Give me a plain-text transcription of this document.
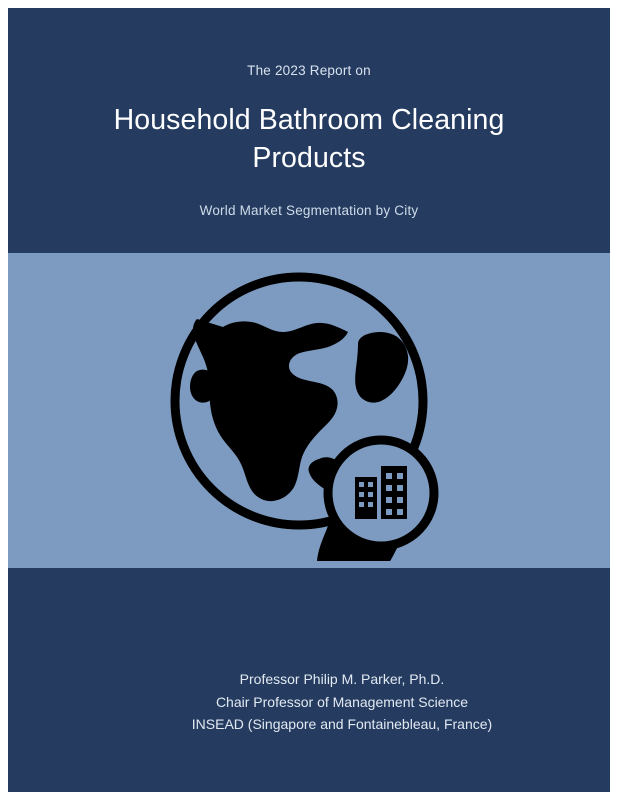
The 2023 Report on
Household Bathroom Cleaning Products
World Market Segmentation by City
Professor Philip M. Parker, Ph.D.
Chair Professor of Management Science
INSEAD (Singapore and Fontainebleau, France)
